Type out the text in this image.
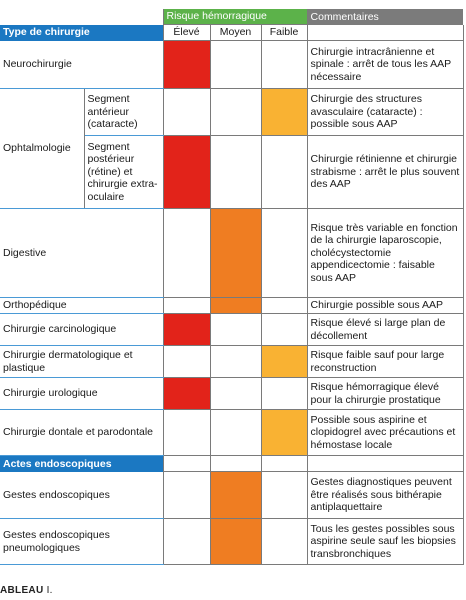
		Risque hémorragique			Commentaires
Type de chirurgie		Élevé	Moyen	Faible	
Neurochirurgie					Chirurgie intracrânienne et spinale : arrêt de tous les AAP nécessaire
Ophtalmologie	Segment antérieur (cataracte)				Chirurgie des structures avasculaire (cataracte) : possible sous AAP
	Segment postérieur (rétine) et chirurgie extra-oculaire				Chirurgie rétinienne et chirurgie strabisme : arrêt le plus souvent des AAP
Digestive					Risque très variable en fonction de la chirurgie laparoscopie, cholécystectomie appendicectomie : faisable sous AAP
Orthopédique					Chirurgie possible sous AAP
Chirurgie carcinologique					Risque élevé si large plan de décollement
Chirurgie dermatologique et plastique					Risque faible sauf pour large reconstruction
Chirurgie urologique					Risque hémorragique élevé pour la chirurgie prostatique
Chirurgie dontale et parodontale					Possible sous aspirine et clopidogrel avec précautions et hémostase locale
Actes endoscopiques					
Gestes endoscopiques					Gestes diagnostiques peuvent être réalisés sous bithérapie antiplaquettaire
Gestes endoscopiques pneumologiques					Tous les gestes possibles sous aspirine seule sauf les biopsies transbronchiques
ABLEAU I.
